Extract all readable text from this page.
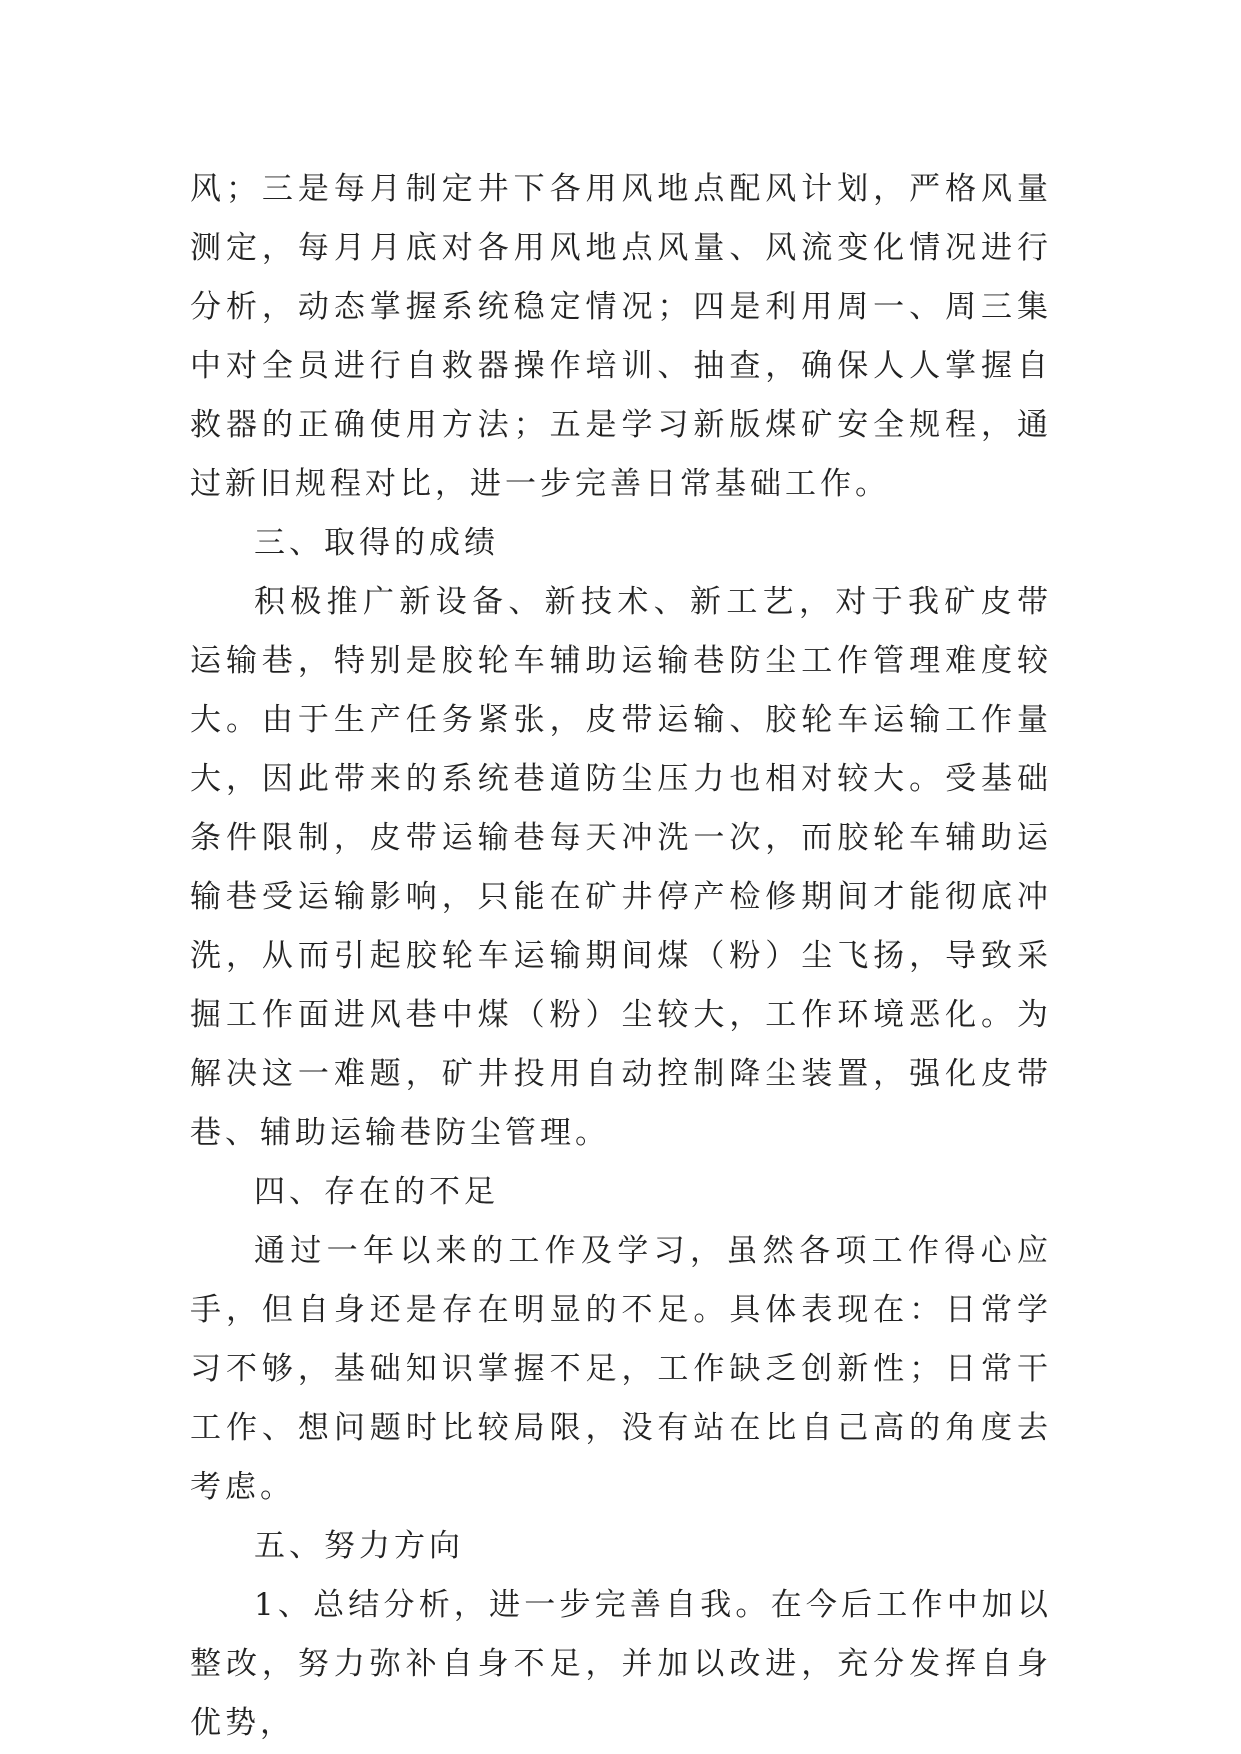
风；三是每月制定井下各用风地点配风计划，严格风量测定，每月月底对各用风地点风量、风流变化情况进行分析，动态掌握系统稳定情况；四是利用周一、周三集中对全员进行自救器操作培训、抽查，确保人人掌握自救器的正确使用方法；五是学习新版煤矿安全规程，通过新旧规程对比，进一步完善日常基础工作。

三、取得的成绩

积极推广新设备、新技术、新工艺，对于我矿皮带运输巷，特别是胶轮车辅助运输巷防尘工作管理难度较大。由于生产任务紧张，皮带运输、胶轮车运输工作量大，因此带来的系统巷道防尘压力也相对较大。受基础条件限制，皮带运输巷每天冲洗一次，而胶轮车辅助运输巷受运输影响，只能在矿井停产检修期间才能彻底冲洗，从而引起胶轮车运输期间煤（粉）尘飞扬，导致采掘工作面进风巷中煤（粉）尘较大，工作环境恶化。为解决这一难题，矿井投用自动控制降尘装置，强化皮带巷、辅助运输巷防尘管理。

四、存在的不足

通过一年以来的工作及学习，虽然各项工作得心应手，但自身还是存在明显的不足。具体表现在：日常学习不够，基础知识掌握不足，工作缺乏创新性；日常干工作、想问题时比较局限，没有站在比自己高的角度去考虑。

五、努力方向

1、总结分析，进一步完善自我。在今后工作中加以整改，努力弥补自身不足，并加以改进，充分发挥自身优势，
